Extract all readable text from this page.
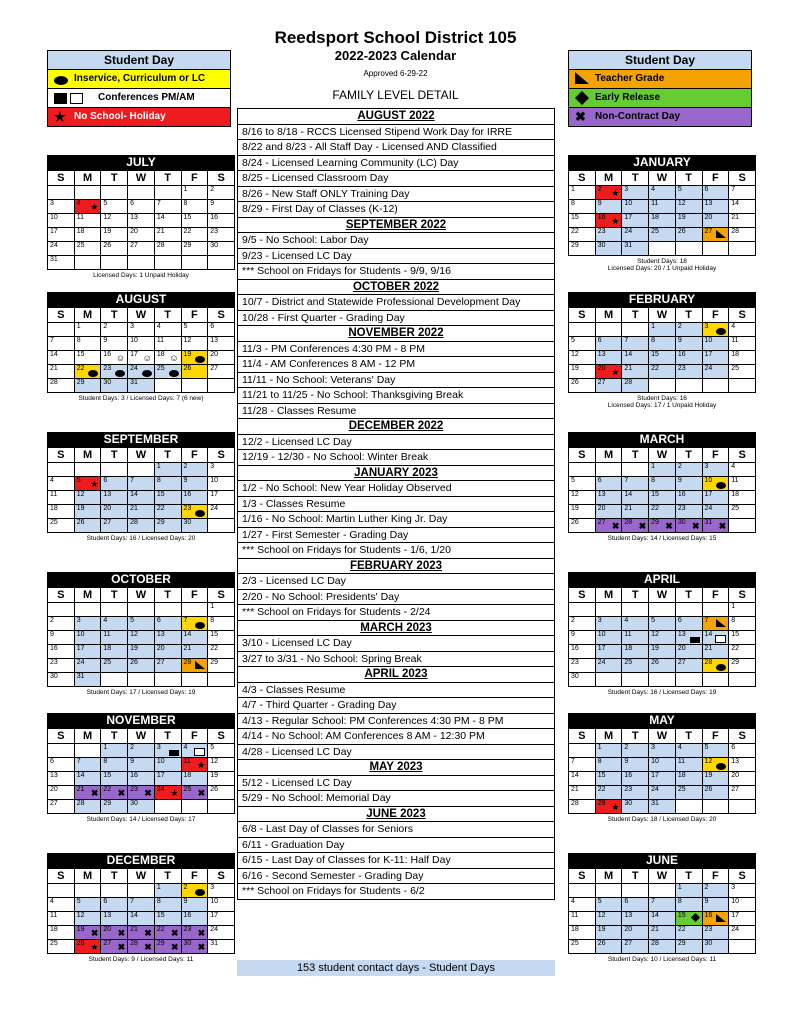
Reedsport School District 105
2022-2023 Calendar
Approved 6-29-22
FAMILY LEVEL DETAIL
Student Day
Inservice, Curriculum or LC

Conferences PM/AM
★ No School- Holiday
Student Day
Teacher Grade
Early Release
✖ Non-Contract Day
JULY
S	M	T	W	T	F	S
					1	2
3	4 ★	5	6	7	8	9
10	11	12	13	14	15	16
17	18	19	20	21	22	23
24	25	26	27	28	29	30
31						
Licensed Days: 1 Unpaid Holiday
AUGUST
S	M	T	W	T	F	S
	1	2	3	4	5	6
7	8	9	10	11	12	13
14	15	16 ☺	17 ☺	18 ☺	19	20
21	22	23	24	25	26	27
28	29	30	31			
Student Days: 3 / Licensed Days: 7 (6 new)
SEPTEMBER
S	M	T	W	T	F	S
				1	2	3
4	5 ★	6	7	8	9	10
11	12	13	14	15	16	17
18	19	20	21	22	23	24
25	26	27	28	29	30	
Student Days: 16 / Licensed Days: 20
OCTOBER
S	M	T	W	T	F	S
						1
2	3	4	5	6	7	8
9	10	11	12	13	14	15
16	17	18	19	20	21	22
23	24	25	26	27	28	29
30	31					
Student Days: 17 / Licensed Days: 19
NOVEMBER
S	M	T	W	T	F	S
		1	2	3	4	5
6	7	8	9	10	11 ★	12
13	14	15	16	17	18	19
20	21 ✖	22 ✖	23 ✖	24 ★	25 ✖	26
27	28	29	30			
Student Days: 14 / Licensed Days: 17
DECEMBER
S	M	T	W	T	F	S
				1	2	3
4	5	6	7	8	9	10
11	12	13	14	15	16	17
18	19 ✖	20 ✖	21 ✖	22 ✖	23 ✖	24
25	26 ★	27 ✖	28 ✖	29 ✖	30 ✖	31
Student Days: 9 / Licensed Days: 11
JANUARY
S	M	T	W	T	F	S
1	2 ★	3	4	5	6	7
8	9	10	11	12	13	14
15	16 ★	17	18	19	20	21
22	23	24	25	26	27	28
29	30	31				
Student Days: 18
Licensed Days: 20 / 1 Unpaid Holiday
FEBRUARY
S	M	T	W	T	F	S
			1	2	3	4
5	6	7	8	9	10	11
12	13	14	15	16	17	18
19	20 ★	21	22	23	24	25
26	27	28				
Student Days: 16
Licensed Days: 17 / 1 Unpaid Holiday
MARCH
S	M	T	W	T	F	S
			1	2	3	4
5	6	7	8	9	10	11
12	13	14	15	16	17	18
19	20	21	22	23	24	25
26	27 ✖	28 ✖	29 ✖	30 ✖	31 ✖	

Student Days: 14 / Licensed Days: 15
APRIL
S	M	T	W	T	F	S
						1
2	3	4	5	6	7	8
9	10	11	12	13	14	15
16	17	18	19	20	21	22
23	24	25	26	27	28	29
30						
Student Days: 16 / Licensed Days: 19
MAY
S	M	T	W	T	F	S
	1	2	3	4	5	6
7	8	9	10	11	12	13
14	15	16	17	18	19	20
21	22	23	24	25	26	27
28	29 ★	30	31			
Student Days: 18 / Licensed Days: 20
JUNE
S	M	T	W	T	F	S
				1	2	3
4	5	6	7	8	9	10
11	12	13	14	15	16	17
18	19	20	21	22	23	24
25	26	27	28	29	30	
Student Days: 10 / Licensed Days: 11
AUGUST 2022
8/16 to 8/18 - RCCS Licensed Stipend Work Day for IRRE
8/22 and 8/23 - All Staff Day - Licensed AND Classified
8/24 - Licensed Learning Community (LC) Day
8/25 - Licensed Classroom Day
8/26 - New Staff ONLY Training Day
8/29 - First Day of Classes (K-12)
SEPTEMBER 2022
9/5 - No School: Labor Day
9/23 - Licensed LC Day
*** School on Fridays for Students - 9/9, 9/16
OCTOBER 2022
10/7 - District and Statewide Professional Development Day
10/28 - First Quarter - Grading Day
NOVEMBER 2022
11/3 - PM Conferences 4:30 PM - 8 PM
11/4 - AM Conferences 8 AM - 12 PM
11/11 - No School: Veterans' Day
11/21 to 11/25 - No School: Thanksgiving Break
11/28 - Classes Resume
DECEMBER 2022
12/2 - Licensed LC Day
12/19 - 12/30 - No School: Winter Break
JANUARY 2023
1/2 - No School: New Year Holiday Observed
1/3 - Classes Resume
1/16 - No School: Martin Luther King Jr. Day
1/27 - First Semester - Grading Day
*** School on Fridays for Students - 1/6, 1/20
FEBRUARY 2023
2/3 - Licensed LC Day
2/20 - No School: Presidents' Day
*** School on Fridays for Students - 2/24
MARCH 2023
3/10 - Licensed LC Day
3/27 to 3/31 - No School: Spring Break
APRIL 2023
4/3 - Classes Resume
4/7 - Third Quarter - Grading Day
4/13 - Regular School: PM Conferences 4:30 PM - 8 PM
4/14 - No School: AM Conferences 8 AM - 12:30 PM
4/28 - Licensed LC Day
MAY 2023
5/12 - Licensed LC Day
5/29 - No School: Memorial Day
JUNE 2023
6/8 - Last Day of Classes for Seniors
6/11 - Graduation Day
6/15 - Last Day of Classes for K-11: Half Day
6/16 - Second Semester - Grading Day
*** School on Fridays for Students - 6/2
153 student contact days - Student Days
